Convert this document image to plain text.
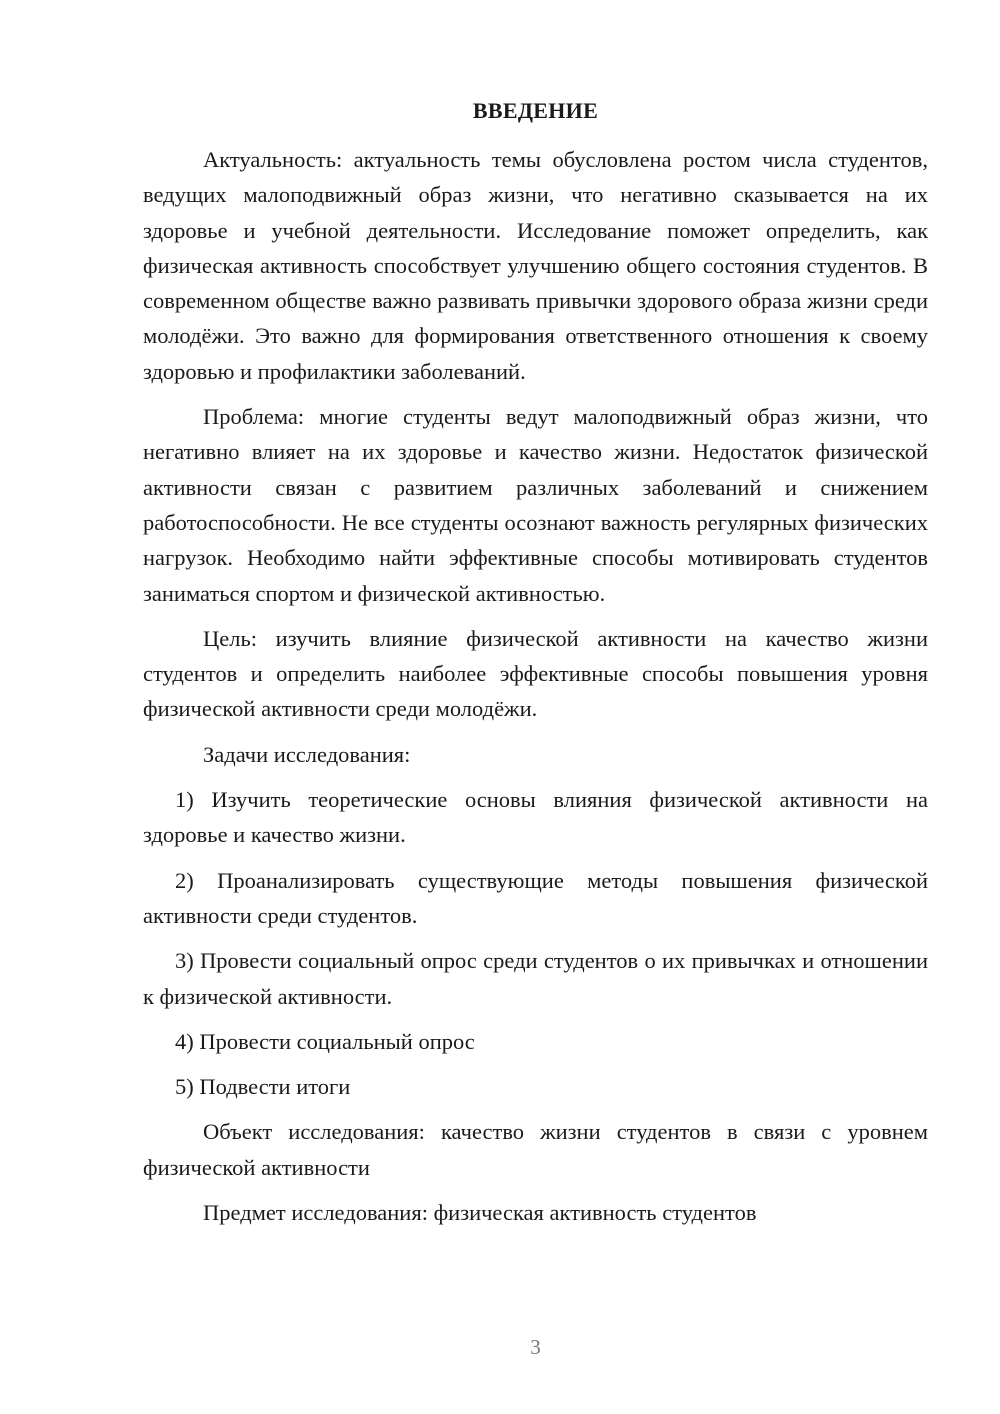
ВВЕДЕНИЕ

Актуальность: актуальность темы обусловлена ростом числа студентов, ведущих малоподвижный образ жизни, что негативно сказывается на их здоровье и учебной деятельности. Исследование поможет определить, как физическая активность способствует улучшению общего состояния студентов. В современном обществе важно развивать привычки здорового образа жизни среди молодёжи. Это важно для формирования ответственного отношения к своему здоровью и профилактики заболеваний.

Проблема: многие студенты ведут малоподвижный образ жизни, что негативно влияет на их здоровье и качество жизни. Недостаток физической активности связан с развитием различных заболеваний и снижением работоспособности. Не все студенты осознают важность регулярных физических нагрузок. Необходимо найти эффективные способы мотивировать студентов заниматься спортом и физической активностью.

Цель: изучить влияние физической активности на качество жизни студентов и определить наиболее эффективные способы повышения уровня физической активности среди молодёжи.

Задачи исследования:

1) Изучить теоретические основы влияния физической активности на здоровье и качество жизни.

2) Проанализировать существующие методы повышения физической активности среди студентов.

3) Провести социальный опрос среди студентов о их привычках и отношении к физической активности.

4) Провести социальный опрос

5) Подвести итоги

Объект исследования: качество жизни студентов в связи с уровнем физической активности

Предмет исследования: физическая активность студентов

3
